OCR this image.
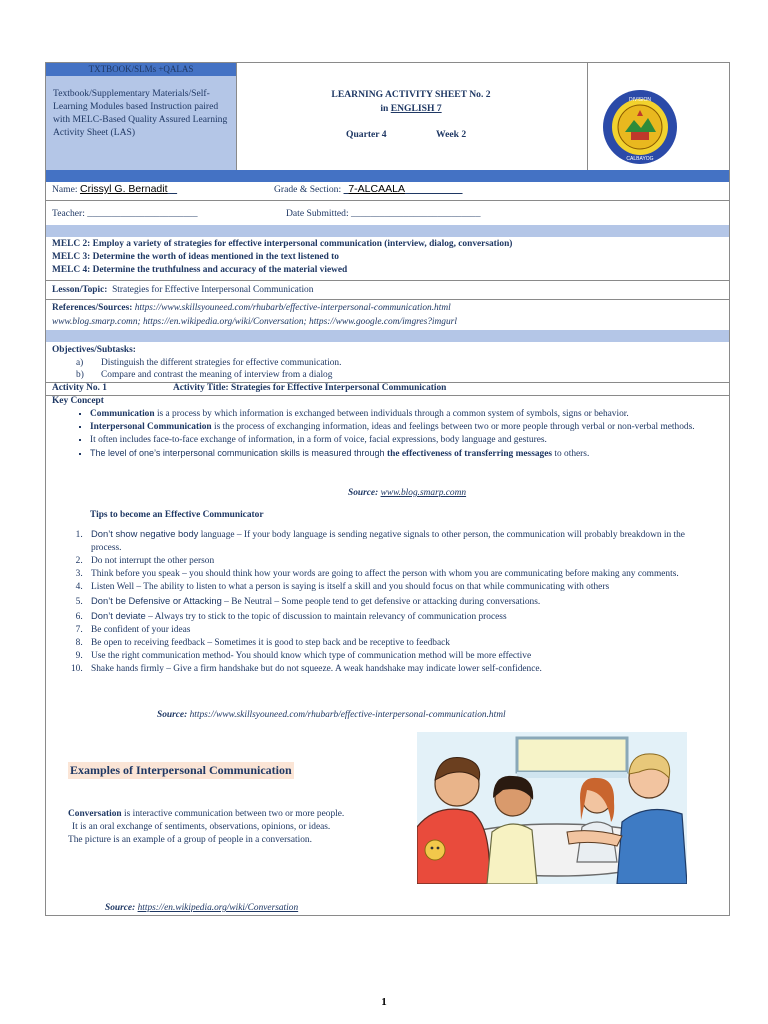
TXTBOOK/SLMs +QALAS
Textbook/Supplementary Materials/Self-Learning Modules based Instruction paired with MELC-Based Quality Assured Learning Activity Sheet (LAS)
LEARNING ACTIVITY SHEET No. 2
in ENGLISH 7
Quarter 4	Week 2
DIVISION
CALBAYOG
Name: Crissyl G. Bernadit	Grade & Section: 7-ALCAALA
Teacher: _______________________	Date Submitted: ___________________________
MELC 2: Employ a variety of strategies for effective interpersonal communication (interview, dialog, conversation)
MELC 3: Determine the worth of ideas mentioned in the text listened to
MELC 4: Determine the truthfulness and accuracy of the material viewed
Lesson/Topic: Strategies for Effective Interpersonal Communication
References/Sources: https://www.skillsyouneed.com/rhubarb/effective-interpersonal-communication.html
www.blog.smarp.comn; https://en.wikipedia.org/wiki/Conversation; https://www.google.com/imgres?imgurl
Objectives/Subtasks:
a) Distinguish the different strategies for effective communication.
b) Compare and contrast the meaning of interview from a dialog
Activity No. 1	Activity Title: Strategies for Effective Interpersonal Communication
Key Concept
▪ Communication is a process by which information is exchanged between individuals through a common system of symbols, signs or behavior.
▪ Interpersonal Communication is the process of exchanging information, ideas and feelings between two or more people through verbal or non-verbal methods.
▪ It often includes face-to-face exchange of information, in a form of voice, facial expressions, body language and gestures.
▪ The level of one’s interpersonal communication skills is measured through the effectiveness of transferring messages to others.
Source: www.blog.smarp.comn
Tips to become an Effective Communicator
1. Don’t show negative body language – If your body language is sending negative signals to other person, the communication will probably breakdown in the process.
2. Do not interrupt the other person
3. Think before you speak – you should think how your words are going to affect the person with whom you are communicating before making any comments.
4. Listen Well – The ability to listen to what a person is saying is itself a skill and you should focus on that while communicating with others
5. Don’t be Defensive or Attacking – Be Neutral – Some people tend to get defensive or attacking during conversations.
6. Don’t deviate – Always try to stick to the topic of discussion to maintain relevancy of communication process
7. Be confident of your ideas
8. Be open to receiving feedback – Sometimes it is good to step back and be receptive to feedback
9. Use the right communication method- You should know which type of communication method will be more effective
10. Shake hands firmly – Give a firm handshake but do not squeeze. A weak handshake may indicate lower self-confidence.
Source: https://www.skillsyouneed.com/rhubarb/effective-interpersonal-communication.html
Examples of Interpersonal Communication
Conversation is interactive communication between two or more people.
It is an oral exchange of sentiments, observations, opinions, or ideas.
The picture is an example of a group of people in a conversation.
Source: https://en.wikipedia.org/wiki/Conversation
1
